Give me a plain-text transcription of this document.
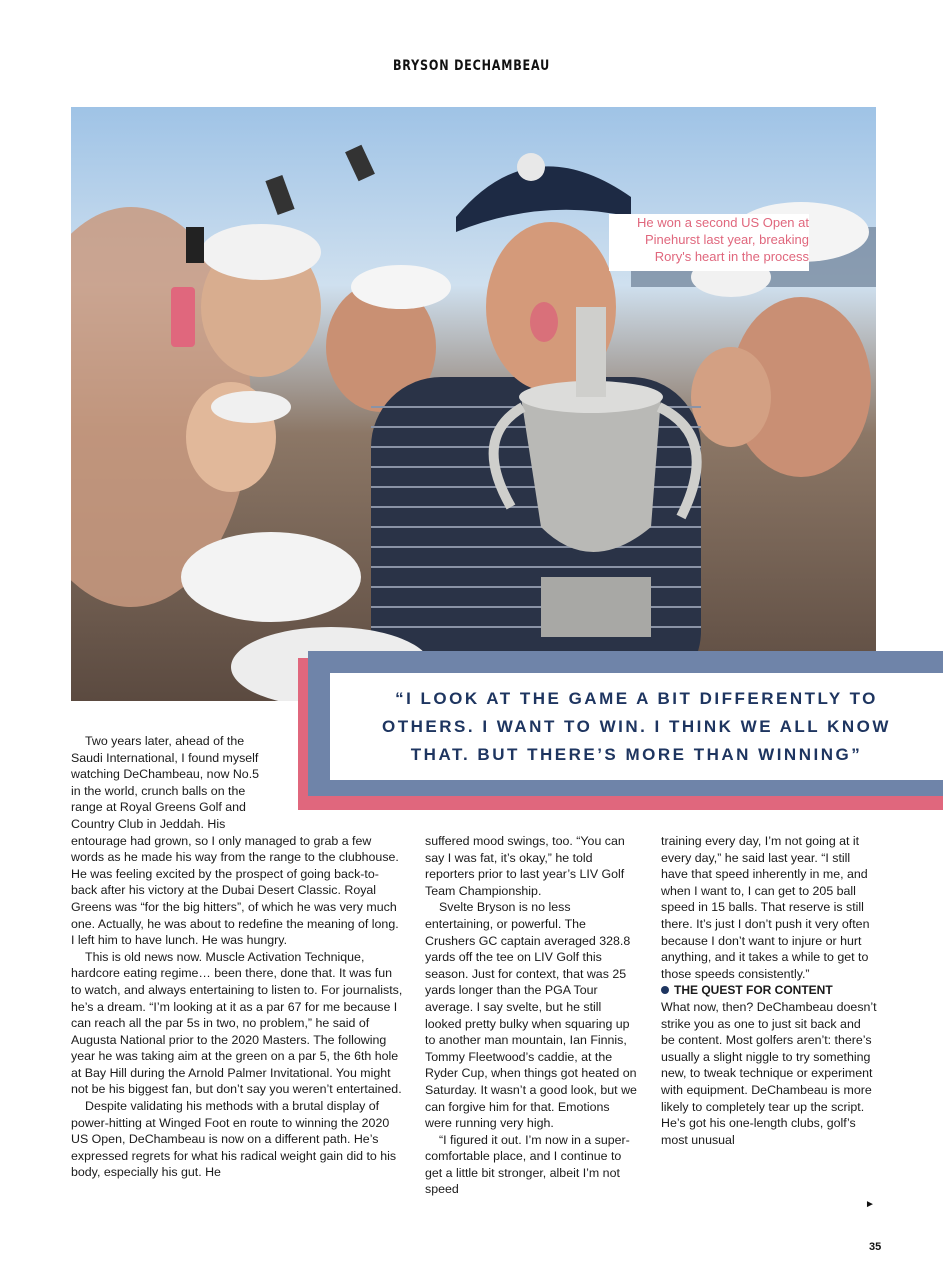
BRYSON DECHAMBEAU
He won a second US Open at Pinehurst last year, breaking Rory's heart in the process
“I LOOK AT THE GAME A BIT DIFFERENTLY TO OTHERS. I WANT TO WIN. I THINK WE ALL KNOW THAT. BUT THERE’S MORE THAN WINNING”
Two years later, ahead of the
Saudi International, I found myself
watching DeChambeau, now No.5
in the world, crunch balls on the
range at Royal Greens Golf and
Country Club in Jeddah. His

entourage had grown, so I only managed to grab a few words as he made his way from the range to the clubhouse. He was feeling excited by the prospect of going back-to-back after his victory at the Dubai Desert Classic. Royal Greens was “for the big hitters”, of which he was very much one. Actually, he was about to redefine the meaning of long. I left him to have lunch. He was hungry.

This is old news now. Muscle Activation Technique, hardcore eating regime… been there, done that. It was fun to watch, and always entertaining to listen to. For journalists, he’s a dream. “I’m looking at it as a par 67 for me because I can reach all the par 5s in two, no problem,” he said of Augusta National prior to the 2020 Masters. The following year he was taking aim at the green on a par 5, the 6th hole at Bay Hill during the Arnold Palmer Invitational. You might not be his biggest fan, but don’t say you weren’t entertained.

Despite validating his methods with a brutal display of power-hitting at Winged Foot en route to winning the 2020 US Open, DeChambeau is now on a different path. He’s expressed regrets for what his radical weight gain did to his body, especially his gut. He

suffered mood swings, too. “You can say I was fat, it’s okay,” he told reporters prior to last year’s LIV Golf Team Championship.

Svelte Bryson is no less entertaining, or powerful. The Crushers GC captain averaged 328.8 yards off the tee on LIV Golf this season. Just for context, that was 25 yards longer than the PGA Tour average. I say svelte, but he still looked pretty bulky when squaring up to another man mountain, Ian Finnis, Tommy Fleetwood’s caddie, at the Ryder Cup, when things got heated on Saturday. It wasn’t a good look, but we can forgive him for that. Emotions were running very high.

“I figured it out. I’m now in a super-comfortable place, and I continue to get a little bit stronger, albeit I’m not speed

training every day, I’m not going at it every day,” he said last year. “I still have that speed inherently in me, and when I want to, I can get to 205 ball speed in 15 balls. That reserve is still there. It’s just I don’t push it very often because I don’t want to injure or hurt anything, and it takes a while to get to those speeds consistently.”

THE QUEST FOR CONTENT

What now, then? DeChambeau doesn’t strike you as one to just sit back and be content. Most golfers aren’t: there’s usually a slight niggle to try something new, to tweak technique or experiment with equipment. DeChambeau is more likely to completely tear up the script. He’s got his one-length clubs, golf’s most unusual

►
35
